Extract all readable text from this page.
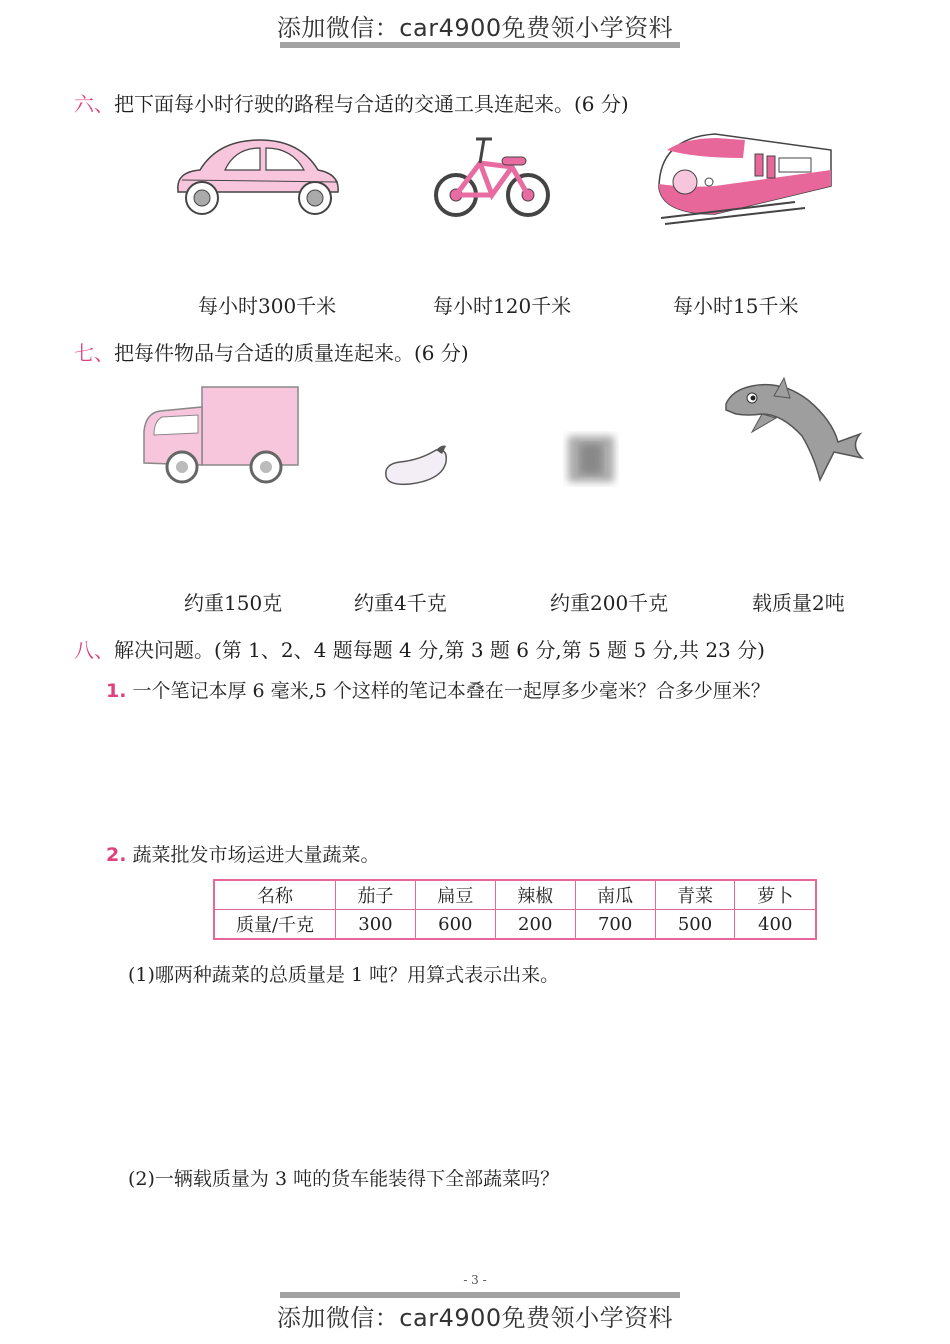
添加微信：car4900免费领小学资料
六、把下面每小时行驶的路程与合适的交通工具连起来。(6 分)
每小时300千米	每小时120千米	每小时15千米
七、把每件物品与合适的质量连起来。(6 分)
约重150克	约重4千克	约重200千克	载质量2吨
八、解决问题。(第 1、2、4 题每题 4 分,第 3 题 6 分,第 5 题 5 分,共 23 分)
1. 一个笔记本厚 6 毫米,5 个这样的笔记本叠在一起厚多少毫米？合多少厘米？
2. 蔬菜批发市场运进大量蔬菜。
名称	茄子	扁豆	辣椒	南瓜	青菜	萝卜
质量/千克	300	600	200	700	500	400
(1)哪两种蔬菜的总质量是 1 吨？用算式表示出来。
(2)一辆载质量为 3 吨的货车能装得下全部蔬菜吗？
- 3 -
添加微信：car4900免费领小学资料
